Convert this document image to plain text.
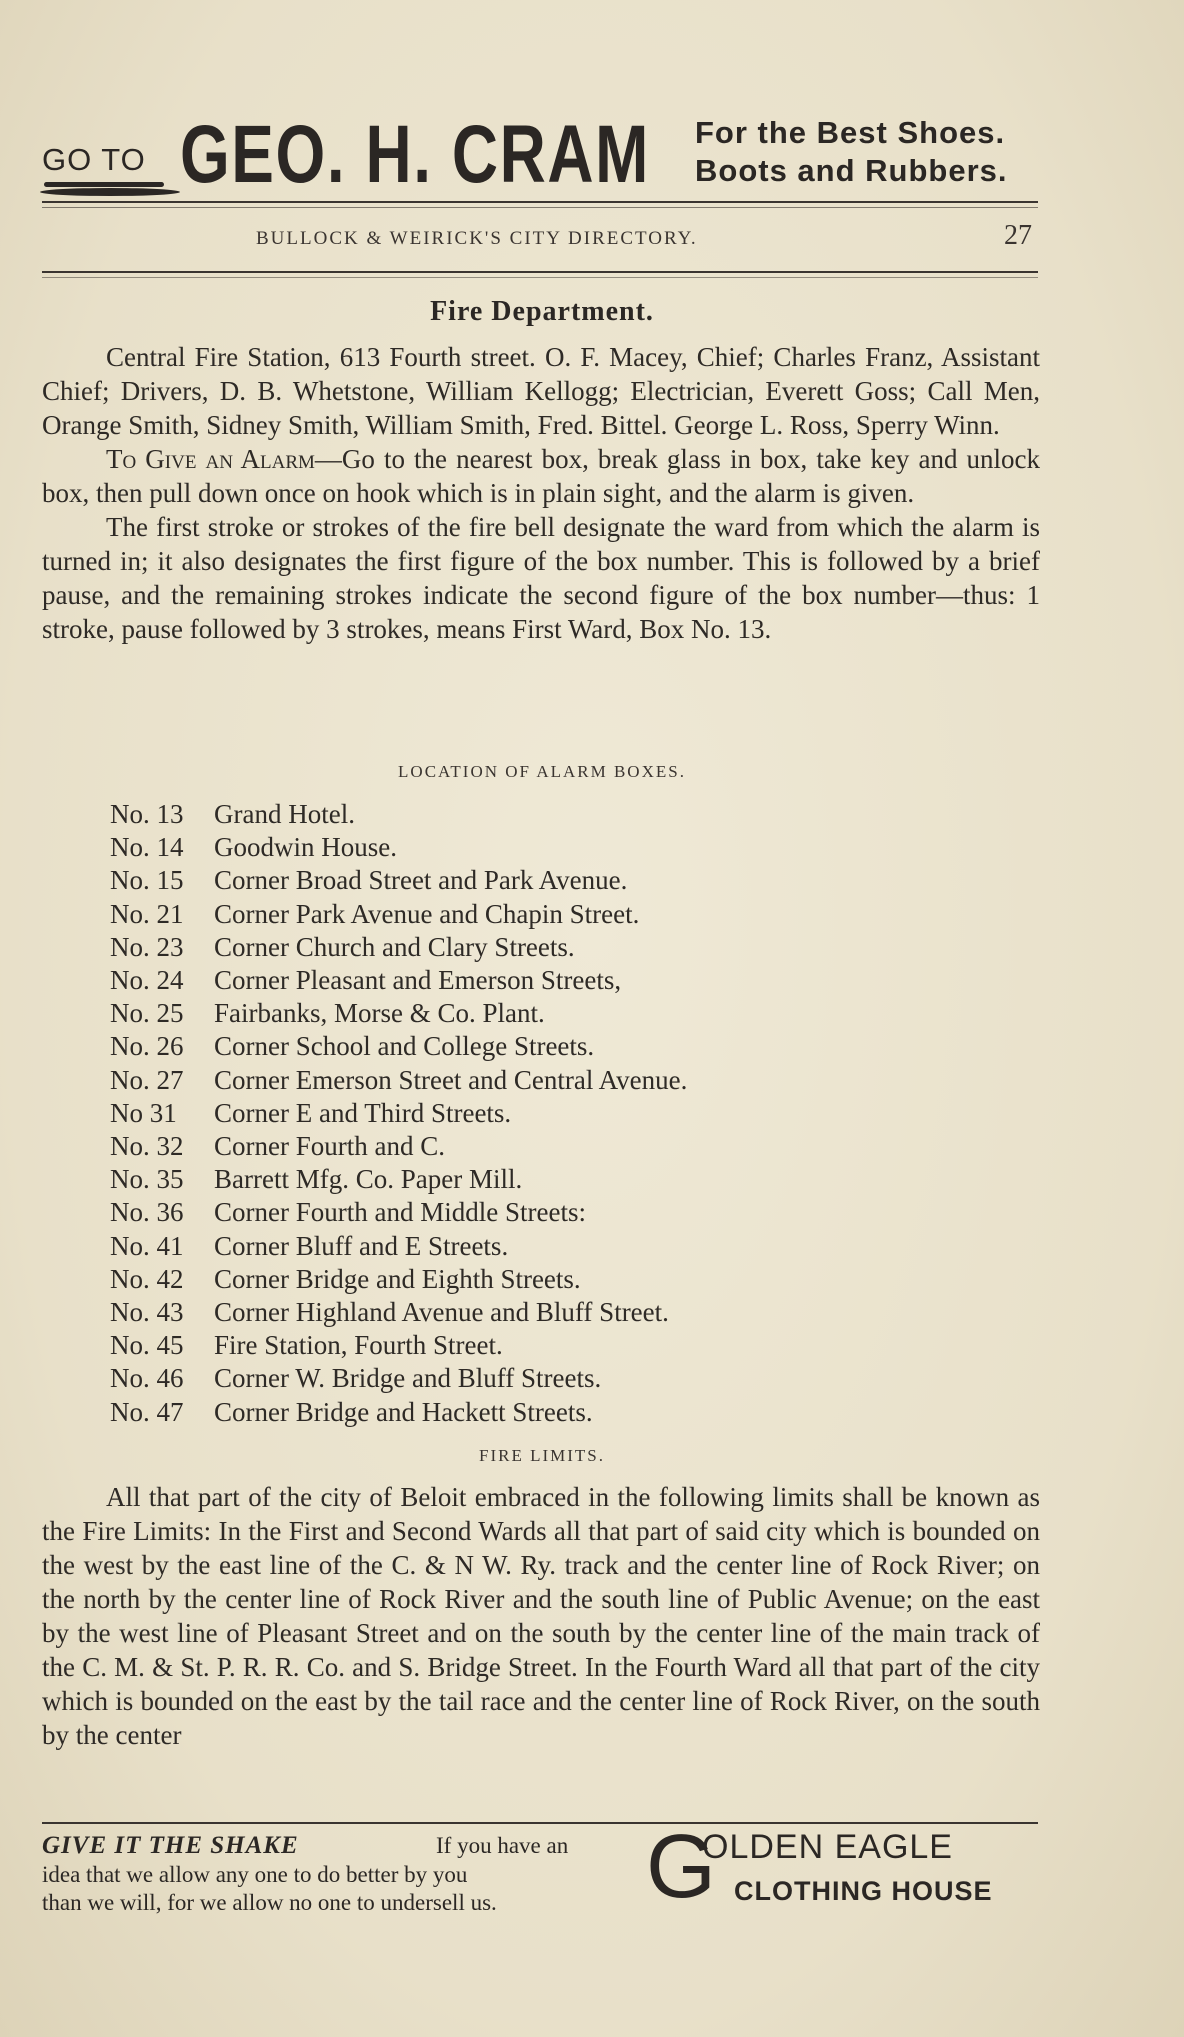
GO TO GEO. H. CRAM For the Best Shoes.
Boots and Rubbers.
BULLOCK & WEIRICK'S CITY DIRECTORY.	27
Fire Department.

Central Fire Station, 613 Fourth street. O. F. Macey, Chief; Charles Franz, Assistant Chief; Drivers, D. B. Whetstone, William Kellogg; Electrician, Everett Goss; Call Men, Orange Smith, Sidney Smith, William Smith, Fred. Bittel. George L. Ross, Sperry Winn.

To Give an Alarm—Go to the nearest box, break glass in box, take key and unlock box, then pull down once on hook which is in plain sight, and the alarm is given.

The first stroke or strokes of the fire bell designate the ward from which the alarm is turned in; it also designates the first figure of the box number. This is followed by a brief pause, and the remaining strokes indicate the second figure of the box number—thus: 1 stroke, pause followed by 3 strokes, means First Ward, Box No. 13.

LOCATION OF ALARM BOXES.
No. 13	Grand Hotel.
No. 14	Goodwin House.
No. 15	Corner Broad Street and Park Avenue.
No. 21	Corner Park Avenue and Chapin Street.
No. 23	Corner Church and Clary Streets.
No. 24	Corner Pleasant and Emerson Streets,
No. 25	Fairbanks, Morse & Co. Plant.
No. 26	Corner School and College Streets.
No. 27	Corner Emerson Street and Central Avenue.
No 31	Corner E and Third Streets.
No. 32	Corner Fourth and C.
No. 35	Barrett Mfg. Co. Paper Mill.
No. 36	Corner Fourth and Middle Streets:
No. 41	Corner Bluff and E Streets.
No. 42	Corner Bridge and Eighth Streets.
No. 43	Corner Highland Avenue and Bluff Street.
No. 45	Fire Station, Fourth Street.
No. 46	Corner W. Bridge and Bluff Streets.
No. 47	Corner Bridge and Hackett Streets.
FIRE LIMITS.

All that part of the city of Beloit embraced in the following limits shall be known as the Fire Limits: In the First and Second Wards all that part of said city which is bounded on the west by the east line of the C. & N W. Ry. track and the center line of Rock River; on the north by the center line of Rock River and the south line of Public Avenue; on the east by the west line of Pleasant Street and on the south by the center line of the main track of the C. M. & St. P. R. R. Co. and S. Bridge Street. In the Fourth Ward all that part of the city which is bounded on the east by the tail race and the center line of Rock River, on the south by the center

GIVE IT THE SHAKE	If you have an
idea that we allow any one to do better by you
than we will, for we allow no one to undersell us. G
OLDEN EAGLE
CLOTHING HOUSE
